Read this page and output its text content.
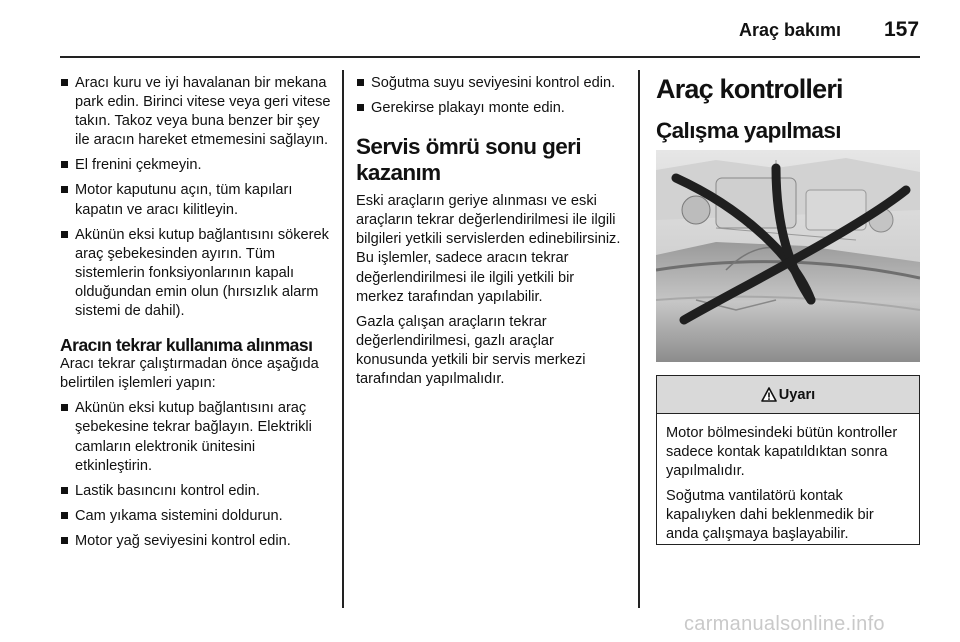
Araç bakımı 157
Aracı kuru ve iyi havalanan bir mekana park edin. Birinci vitese veya geri vitese takın. Takoz veya buna benzer bir şey ile aracın hareket etmemesini sağlayın.
El frenini çekmeyin.
Motor kaputunu açın, tüm kapıları kapatın ve aracı kilitleyin.
Akünün eksi kutup bağlantısını sökerek araç şebekesinden ayırın. Tüm sistemlerin fonksiyonlarının kapalı olduğundan emin olun (hırsızlık alarm sistemi de dahil).
Aracın tekrar kullanıma alınması

Aracı tekrar çalıştırmadan önce aşağıda belirtilen işlemleri yapın:

Akünün eksi kutup bağlantısını araç şebekesine tekrar bağlayın. Elektrikli camların elektronik ünitesini etkinleştirin.
Lastik basıncını kontrol edin.
Cam yıkama sistemini doldurun.
Motor yağ seviyesini kontrol edin.
Soğutma suyu seviyesini kontrol edin.
Gerekirse plakayı monte edin.
Servis ömrü sonu geri kazanım

Eski araçların geriye alınması ve eski araçların tekrar değerlendirilmesi ile ilgili bilgileri yetkili servislerden edinebilirsiniz. Bu işlemler, sadece aracın tekrar değerlendirilmesi ile ilgili yetkili bir merkez tarafından yapılabilir.

Gazla çalışan araçların tekrar değerlendirilmesi, gazlı araçlar konusunda yetkili bir servis merkezi tarafından yapılmalıdır.

Araç kontrolleri
Çalışma yapılması
Uyarı

Motor bölmesindeki bütün kontroller sadece kontak kapatıldıktan sonra yapılmalıdır.

Soğutma vantilatörü kontak kapalıyken dahi beklenmedik bir anda çalışmaya başlayabilir.

carmanualsonline.info
